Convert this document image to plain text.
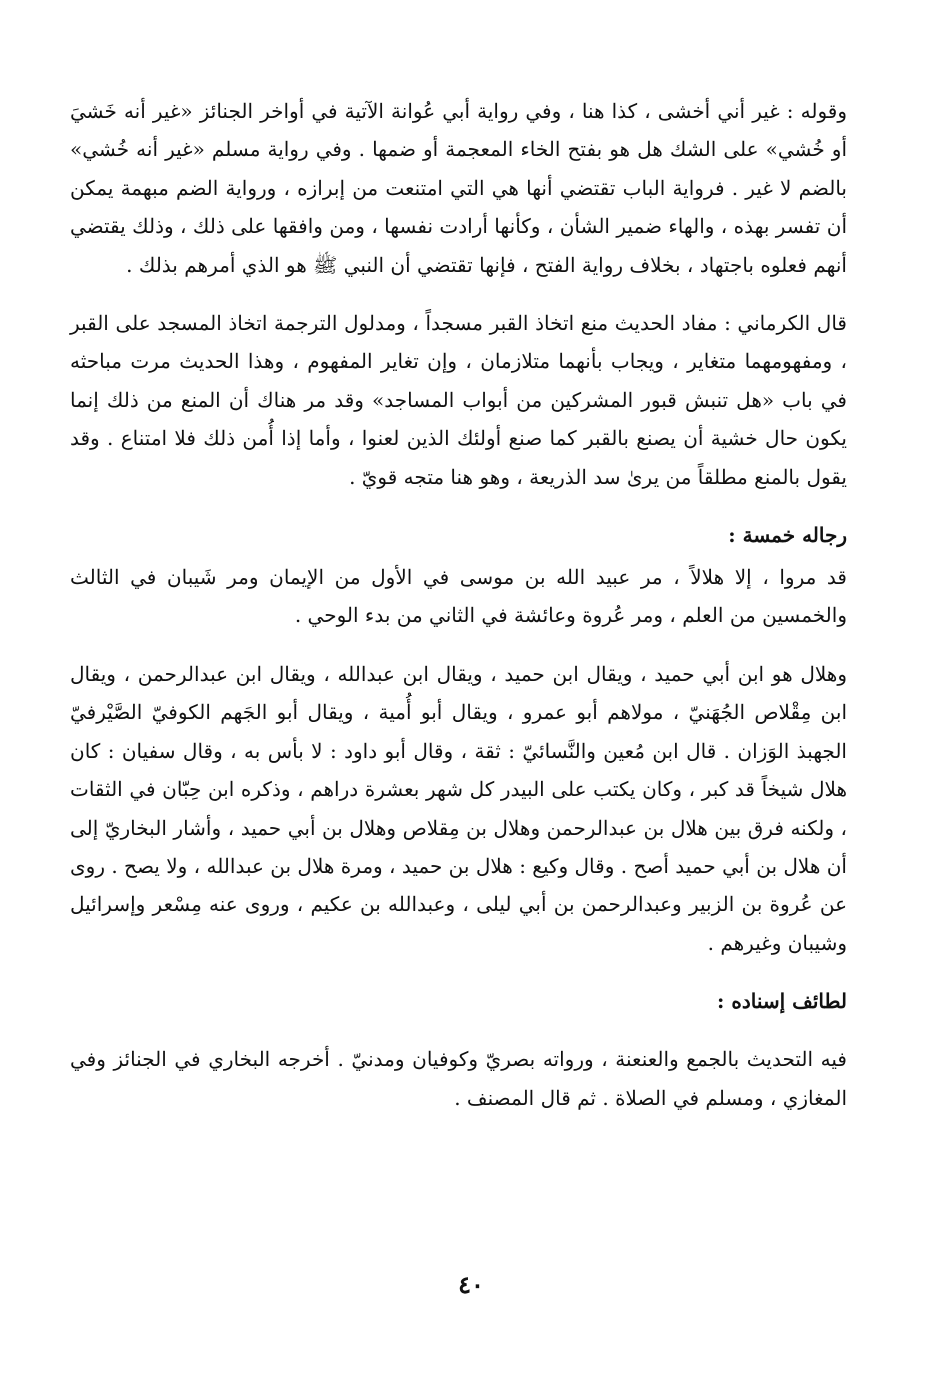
وقوله : غير أني أخشى ، كذا هنا ، وفي رواية أبي عُوانة الآتية في أواخر الجنائز «غير أنه خَشيَ أو خُشي» على الشك هل هو بفتح الخاء المعجمة أو ضمها . وفي رواية مسلم «غير أنه خُشي» بالضم لا غير . فرواية الباب تقتضي أنها هي التي امتنعت من إبرازه ، ورواية الضم مبهمة يمكن أن تفسر بهذه ، والهاء ضمير الشأن ، وكأنها أرادت نفسها ، ومن وافقها على ذلك ، وذلك يقتضي أنهم فعلوه باجتهاد ، بخلاف رواية الفتح ، فإنها تقتضي أن النبي ﷺ هو الذي أمرهم بذلك .

قال الكرماني : مفاد الحديث منع اتخاذ القبر مسجداً ، ومدلول الترجمة اتخاذ المسجد على القبر ، ومفهومهما متغاير ، ويجاب بأنهما متلازمان ، وإن تغاير المفهوم ، وهذا الحديث مرت مباحثه في باب «هل تنبش قبور المشركين من أبواب المساجد» وقد مر هناك أن المنع من ذلك إنما يكون حال خشية أن يصنع بالقبر كما صنع أولئك الذين لعنوا ، وأما إذا أُمن ذلك فلا امتناع . وقد يقول بالمنع مطلقاً من يرىٰ سد الذريعة ، وهو هنا متجه قويّ .

رجاله خمسة :

قد مروا ، إلا هلالاً ، مر عبيد الله بن موسى في الأول من الإيمان ومر شَيبان في الثالث والخمسين من العلم ، ومر عُروة وعائشة في الثاني من بدء الوحي .

وهلال هو ابن أبي حميد ، ويقال ابن حميد ، ويقال ابن عبدالله ، ويقال ابن عبدالرحمن ، ويقال ابن مِقْلاص الجُهَنيّ ، مولاهم أبو عمرو ، ويقال أبو أُمية ، ويقال أبو الجَهم الكوفيّ الصَّيْرفيّ الجهبذ الوَزان . قال ابن مُعين والنَّسائيّ : ثقة ، وقال أبو داود : لا بأس به ، وقال سفيان : كان هلال شيخاً قد كبر ، وكان يكتب على البيدر كل شهر بعشرة دراهم ، وذكره ابن حِبّان في الثقات ، ولكنه فرق بين هلال بن عبدالرحمن وهلال بن مِقلاص وهلال بن أبي حميد ، وأشار البخاريّ إلى أن هلال بن أبي حميد أصح . وقال وكيع : هلال بن حميد ، ومرة هلال بن عبدالله ، ولا يصح . روى عن عُروة بن الزبير وعبدالرحمن بن أبي ليلى ، وعبدالله بن عكيم ، وروى عنه مِسْعر وإسرائيل وشيبان وغيرهم .

لطائف إسناده :

فيه التحديث بالجمع والعنعنة ، ورواته بصريّ وكوفيان ومدنيّ . أخرجه البخاري في الجنائز وفي المغازي ، ومسلم في الصلاة . ثم قال المصنف .

٤٠
